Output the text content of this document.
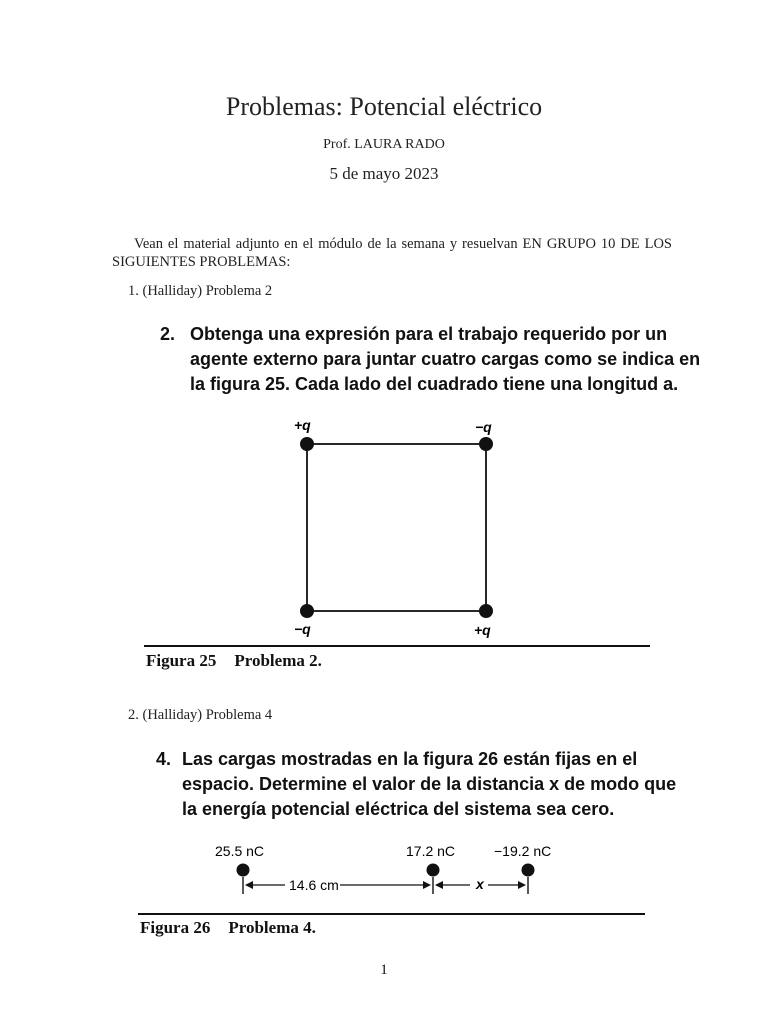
Problemas: Potencial eléctrico
Prof. LAURA RADO
5 de mayo 2023
Vean el material adjunto en el módulo de la semana y resuelvan EN GRUPO 10 DE LOS SIGUIENTES PROBLEMAS:
1. (Halliday) Problema 2
2. Obtenga una expresión para el trabajo requerido por un
agente externo para juntar cuatro cargas como se indica en
la figura 25. Cada lado del cuadrado tiene una longitud a.
+q	−q
−q	+q
Figura 25 Problema 2.
2. (Halliday) Problema 4
4. Las cargas mostradas en la figura 26 están fijas en el
espacio. Determine el valor de la distancia x de modo que
la energía potencial eléctrica del sistema sea cero.
25.5 nC	17.2 nC	−19.2 nC
14.6 cm	x
Figura 26 Problema 4.
1
